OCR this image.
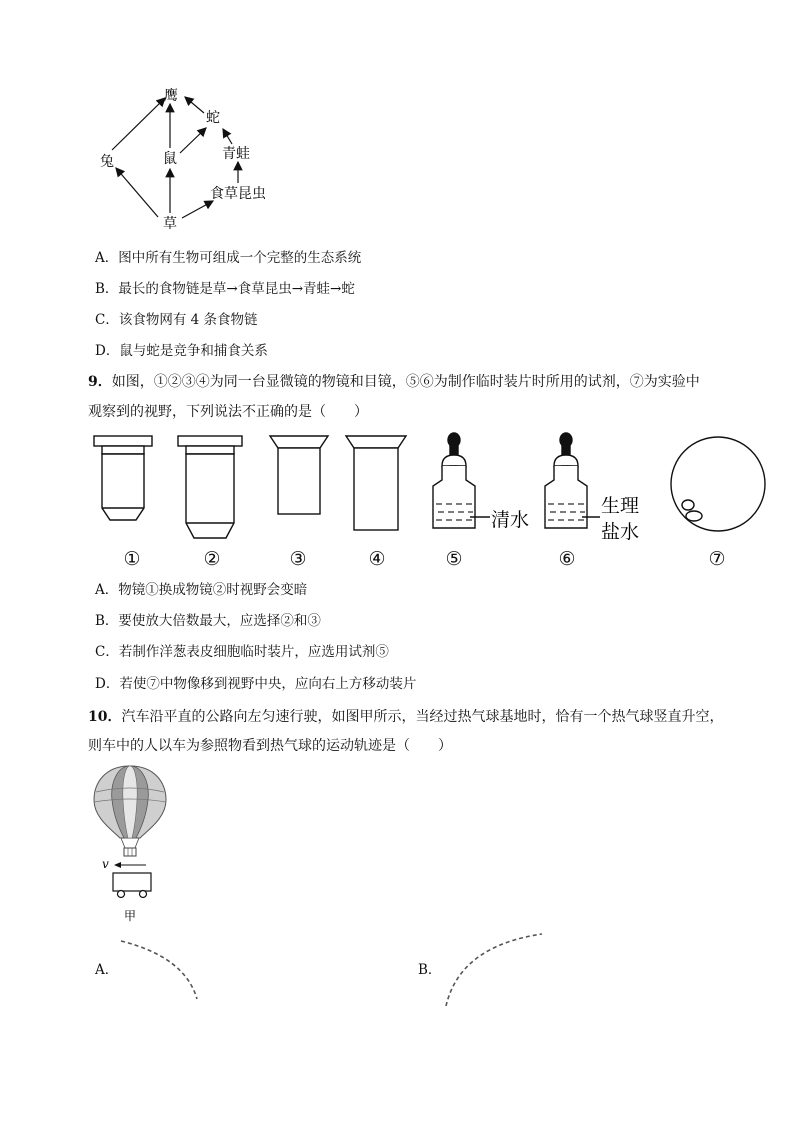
鹰
蛇
兔	鼠	青蛙
食草昆虫
草
A．图中所有生物可组成一个完整的生态系统
B．最长的食物链是草→食草昆虫→青蛙→蛇
C．该食物网有 4 条食物链
D．鼠与蛇是竞争和捕食关系
9．如图，①②③④为同一台显微镜的物镜和目镜，⑤⑥为制作临时装片时所用的试剂，⑦为实验中
观察到的视野，下列说法不正确的是（　　）
清水
生理
盐水
①	②	③	④	⑤	⑥	⑦
A．物镜①换成物镜②时视野会变暗
B．要使放大倍数最大，应选择②和③
C．若制作洋葱表皮细胞临时装片，应选用试剂⑤
D．若使⑦中物像移到视野中央，应向右上方移动装片
10．汽车沿平直的公路向左匀速行驶，如图甲所示，当经过热气球基地时，恰有一个热气球竖直升空，
则车中的人以车为参照物看到热气球的运动轨迹是（　　）
v
甲
A．	B．
